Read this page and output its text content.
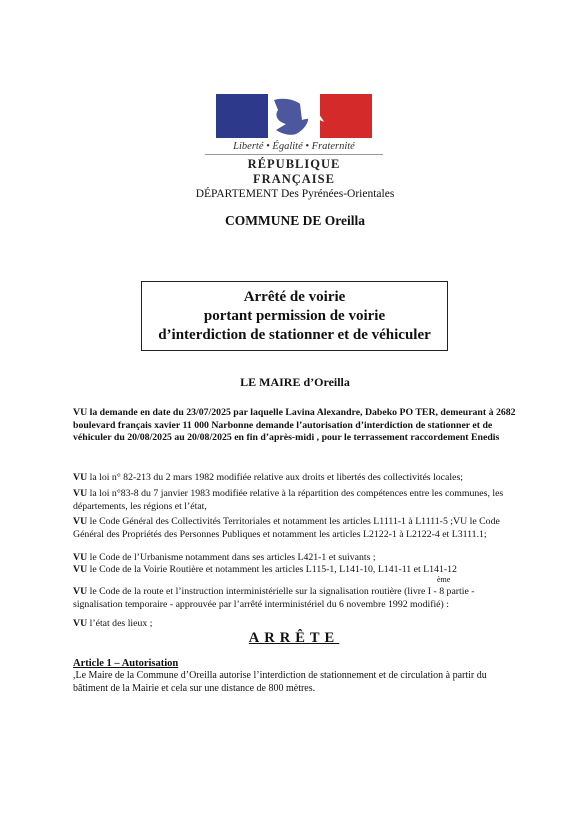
Liberté • Égalité • Fraternité
RÉPUBLIQUE FRANÇAISE
DÉPARTEMENT Des Pyrénées-Orientales
COMMUNE DE Oreilla
Arrêté de voirie
portant permission de voirie
d’interdiction de stationner et de véhiculer
LE MAIRE d’Oreilla
VU la demande en date du 23/07/2025 par laquelle Lavina Alexandre, Dabeko PO TER, demeurant à 2682 boulevard français xavier 11 000 Narbonne demande l’autorisation d’interdiction de stationner et de véhiculer du 20/08/2025 au 20/08/2025 en fin d’après-midi , pour le terrassement raccordement Enedis
VU la loi n° 82-213 du 2 mars 1982 modifiée relative aux droits et libertés des collectivités locales;
VU la loi n°83-8 du 7 janvier 1983 modifiée relative à la répartition des compétences entre les communes, les départements, les régions et l’état,
VU le Code Général des Collectivités Territoriales et notamment les articles L1111-1 à L1111-5 ;VU le Code Général des Propriétés des Personnes Publiques et notamment les articles L2122-1 à L2122-4 et L3111.1;
VU le Code de l’Urbanisme notamment dans ses articles L421-1 et suivants ;
VU le Code de la Voirie Routière et notamment les articles L115-1, L141-10, L141-11 et L141-12
ème
VU le Code de la route et l’instruction interministérielle sur la signalisation routière (livre I - 8 partie - signalisation temporaire - approuvée par l’arrêté interministériel du 6 novembre 1992 modifié) :
VU l’état des lieux ;
ARRÊTE
Article 1 – Autorisation
,Le Maire de la Commune d’Oreilla autorise l’interdiction de stationnement et de circulation à partir du bâtiment de la Mairie et cela sur une distance de 800 mètres.
